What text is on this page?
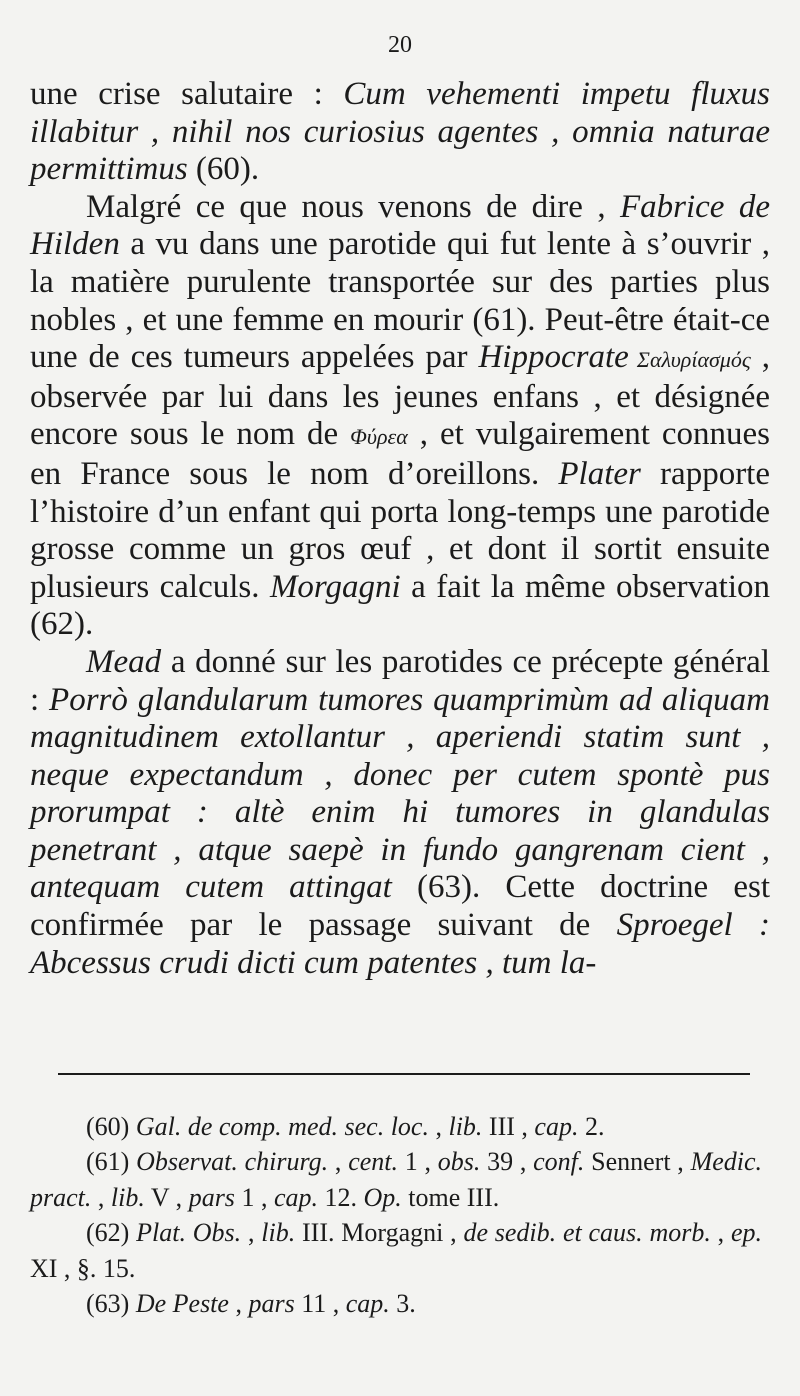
20

une crise salutaire : Cum vehementi impetu fluxus illabitur , nihil nos curiosius agentes , omnia naturae permittimus (60).

Malgré ce que nous venons de dire , Fabrice de Hilden a vu dans une parotide qui fut lente à s’ouvrir , la matière purulente transportée sur des parties plus nobles , et une femme en mourir (61). Peut-être était-ce une de ces tumeurs appelées par Hippocrate Σαλυρίασμός , observée par lui dans les jeunes enfans , et désignée encore sous le nom de Φύρεα , et vulgairement connues en France sous le nom d’oreillons. Plater rapporte l’histoire d’un enfant qui porta long-temps une parotide grosse comme un gros œuf , et dont il sortit ensuite plusieurs calculs. Morgagni a fait la même observation (62).

Mead a donné sur les parotides ce précepte général : Porrò glandularum tumores quamprimùm ad aliquam magnitudinem extollantur , aperiendi statim sunt , neque expectandum , donec per cutem spontè pus prorumpat : altè enim hi tumores in glandulas penetrant , atque saepè in fundo gangrenam cient , antequam cutem attingat (63). Cette doctrine est confirmée par le passage suivant de Sproegel : Abcessus crudi dicti cum patentes , tum la-

(60) Gal. de comp. med. sec. loc. , lib. III , cap. 2.

(61) Observat. chirurg. , cent. 1 , obs. 39 , conf. Sennert , Medic. pract. , lib. V , pars 1 , cap. 12. Op. tome III.

(62) Plat. Obs. , lib. III. Morgagni , de sedib. et caus. morb. , ep. XI , §. 15.

(63) De Peste , pars 11 , cap. 3.
